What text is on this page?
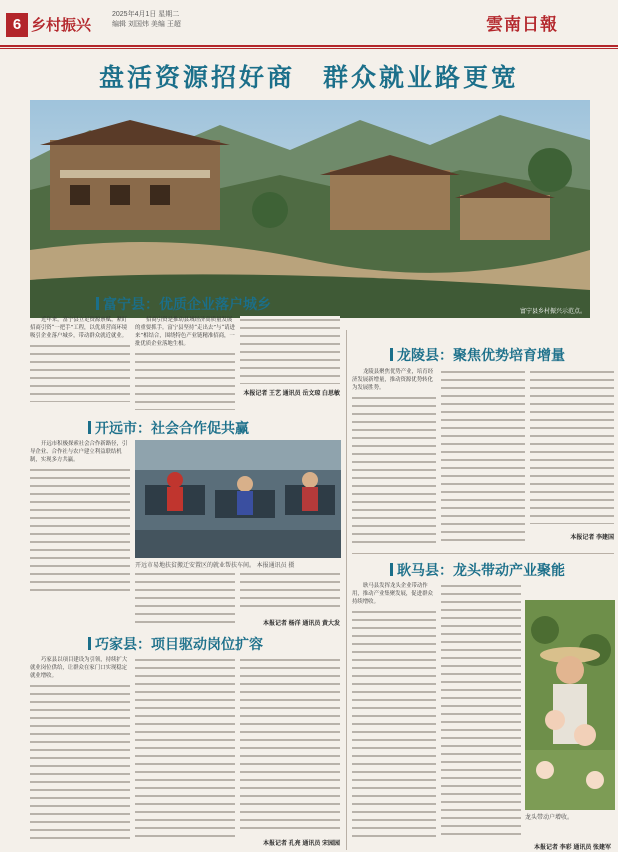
6 乡村振兴
2025年4月1日 星期二
编辑 刘国炜 美编 王超	雲南日報
盘活资源招好商　群众就业路更宽
富宁县乡村振兴示范点。
富宁县：优质企业落户城乡

近年来，富宁县立足资源禀赋，紧盯招商引资“一把手”工程，以优质营商环境吸引企业落户城乡，带动群众就近就业。

招商引资是推动县域经济高质量发展的重要抓手。富宁县坚持“走出去”与“请进来”相结合，围绕特色产业链精准招商，一批优质企业落地生根。

本报记者 王艺 通讯员 岳文琼 白思敏
开远市：社会合作促共赢

开远市积极探索社会合作新路径，引导企业、合作社与农户建立利益联结机制，实现多方共赢。

开远市易地扶贫搬迁安置区的就业帮扶车间。 本报通讯员 摄
本报记者 杨洋 通讯员 黄大发
巧家县：项目驱动岗位扩容

巧家县以项目建设为引领，持续扩大就业岗位供给，让群众在家门口实现稳定就业增收。

本报记者 孔亮 通讯员 宋园园
龙陵县：聚焦优势培育增量

龙陵县聚焦优势产业，培育经济发展新增量，推动资源优势转化为发展胜势。

本报记者 李建国
耿马县：龙头带动产业聚能

耿马县发挥龙头企业带动作用，推动产业集聚发展，促进群众持续增收。

龙头带动户增收。
本报记者 李彩 通讯员 张建军
